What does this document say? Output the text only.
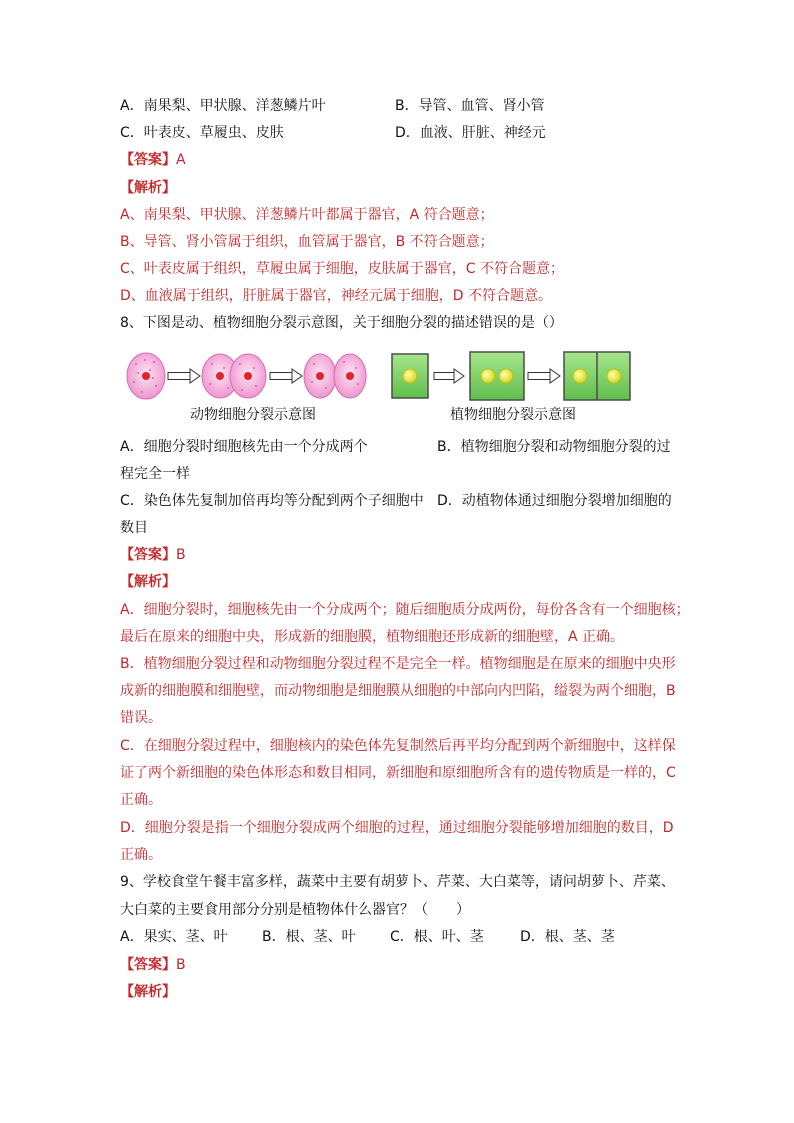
A．南果梨、甲状腺、洋葱鳞片叶	B．导管、血管、肾小管
C．叶表皮、草履虫、皮肤	D．血液、肝脏、神经元
【答案】A
【解析】
A、南果梨、甲状腺、洋葱鳞片叶都属于器官，A 符合题意；
B、导管、肾小管属于组织，血管属于器官，B 不符合题意；
C、叶表皮属于组织，草履虫属于细胞，皮肤属于器官，C 不符合题意；
D、血液属于组织，肝脏属于器官，神经元属于细胞，D 不符合题意。
8、下图是动、植物细胞分裂示意图，关于细胞分裂的描述错误的是（）
动物细胞分裂示意图	植物细胞分裂示意图
A．细胞分裂时细胞核先由一个分成两个	B．植物细胞分裂和动物细胞分裂的过
程完全一样
C．染色体先复制加倍再均等分配到两个子细胞中 D．动植物体通过细胞分裂增加细胞的
数目
【答案】B
【解析】
A．细胞分裂时，细胞核先由一个分成两个；随后细胞质分成两份，每份各含有一个细胞核；
最后在原来的细胞中央，形成新的细胞膜，植物细胞还形成新的细胞壁，A 正确。
B．植物细胞分裂过程和动物细胞分裂过程不是完全一样。植物细胞是在原来的细胞中央形
成新的细胞膜和细胞壁，而动物细胞是细胞膜从细胞的中部向内凹陷，缢裂为两个细胞，B
错误。
C．在细胞分裂过程中，细胞核内的染色体先复制然后再平均分配到两个新细胞中，这样保
证了两个新细胞的染色体形态和数目相同，新细胞和原细胞所含有的遗传物质是一样的，C
正确。
D．细胞分裂是指一个细胞分裂成两个细胞的过程，通过细胞分裂能够增加细胞的数目，D
正确。
9、学校食堂午餐丰富多样，蔬菜中主要有胡萝卜、芹菜、大白菜等，请问胡萝卜、芹菜、
大白菜的主要食用部分分别是植物体什么器官？（　　）
A．果实、茎、叶 B．根、茎、叶 C．根、叶、茎	D．根、茎、茎
【答案】B
【解析】
